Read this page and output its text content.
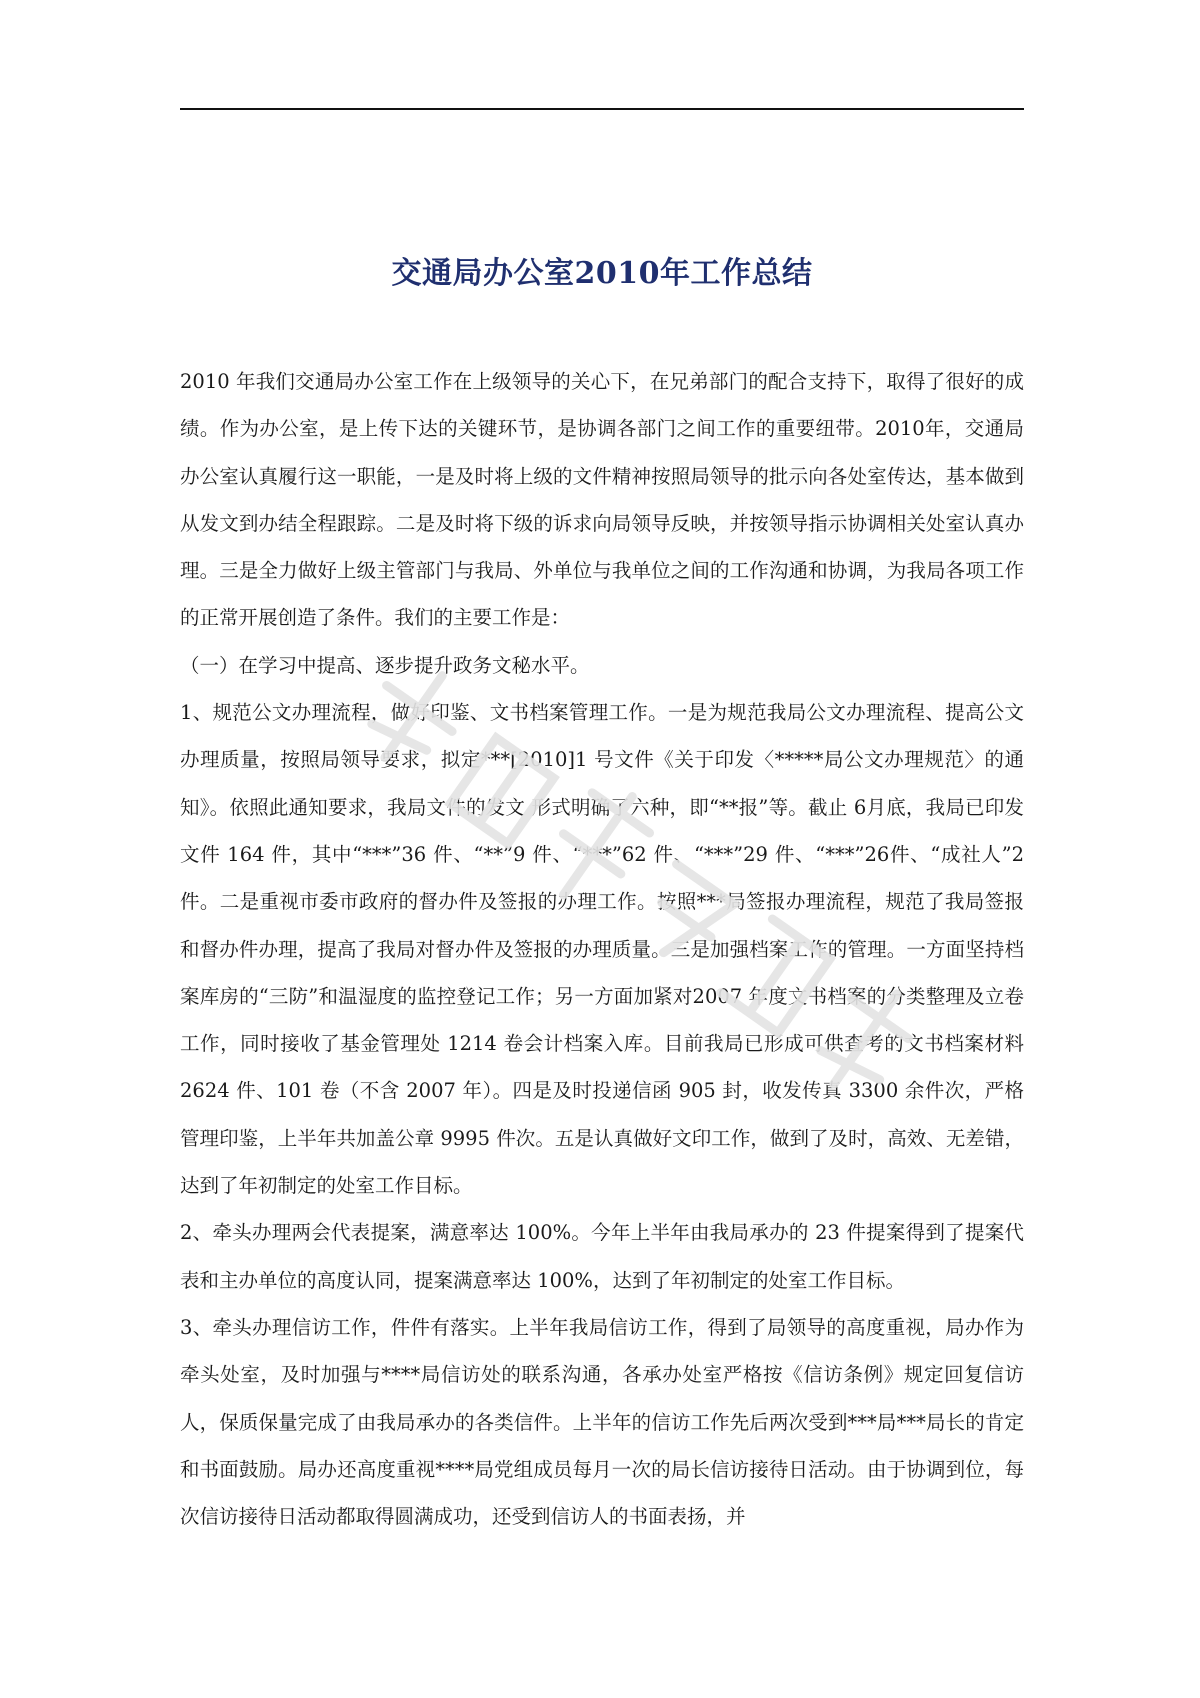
交通局办公室2010年工作总结

2010 年我们交通局办公室工作在上级领导的关心下，在兄弟部门的配合支持下，取得了很好的成绩。作为办公室，是上传下达的关键环节，是协调各部门之间工作的重要纽带。2010年，交通局办公室认真履行这一职能，一是及时将上级的文件精神按照局领导的批示向各处室传达，基本做到从发文到办结全程跟踪。二是及时将下级的诉求向局领导反映，并按领导指示协调相关处室认真办理。三是全力做好上级主管部门与我局、外单位与我单位之间的工作沟通和协调，为我局各项工作的正常开展创造了条件。我们的主要工作是：

（一）在学习中提高、逐步提升政务文秘水平。

1、规范公文办理流程，做好印鉴、文书档案管理工作。一是为规范我局公文办理流程、提高公文办理质量，按照局领导要求，拟定***[2010]1 号文件《关于印发〈*****局公文办理规范〉的通知》。依照此通知要求，我局文件的发文 形式明确了六种，即“**报”等。截止 6月底，我局已印发文件 164 件，其中“***”36 件、“**”9 件、“***”62 件、“***”29 件、“***”26件、“成社人”2 件。二是重视市委市政府的督办件及签报的办理工作。按照***局签报办理流程，规范了我局签报和督办件办理，提高了我局对督办件及签报的办理质量。三是加强档案工作的管理。一方面坚持档案库房的“三防”和温湿度的监控登记工作；另一方面加紧对2007 年度文书档案的分类整理及立卷工作，同时接收了基金管理处 1214 卷会计档案入库。目前我局已形成可供查考的文书档案材料 2624 件、101 卷（不含 2007 年）。四是及时投递信函 905 封，收发传真 3300 余件次，严格管理印鉴，上半年共加盖公章 9995 件次。五是认真做好文印工作，做到了及时，高效、无差错，达到了年初制定的处室工作目标。

2、牵头办理两会代表提案，满意率达 100%。今年上半年由我局承办的 23 件提案得到了提案代表和主办单位的高度认同，提案满意率达 100%，达到了年初制定的处室工作目标。

3、牵头办理信访工作，件件有落实。上半年我局信访工作，得到了局领导的高度重视，局办作为牵头处室，及时加强与****局信访处的联系沟通，各承办处室严格按《信访条例》规定回复信访人，保质保量完成了由我局承办的各类信件。上半年的信访工作先后两次受到***局***局长的肯定和书面鼓励。局办还高度重视****局党组成员每月一次的局长信访接待日活动。由于协调到位，每次信访接待日活动都取得圆满成功，还受到信访人的书面表扬，并
